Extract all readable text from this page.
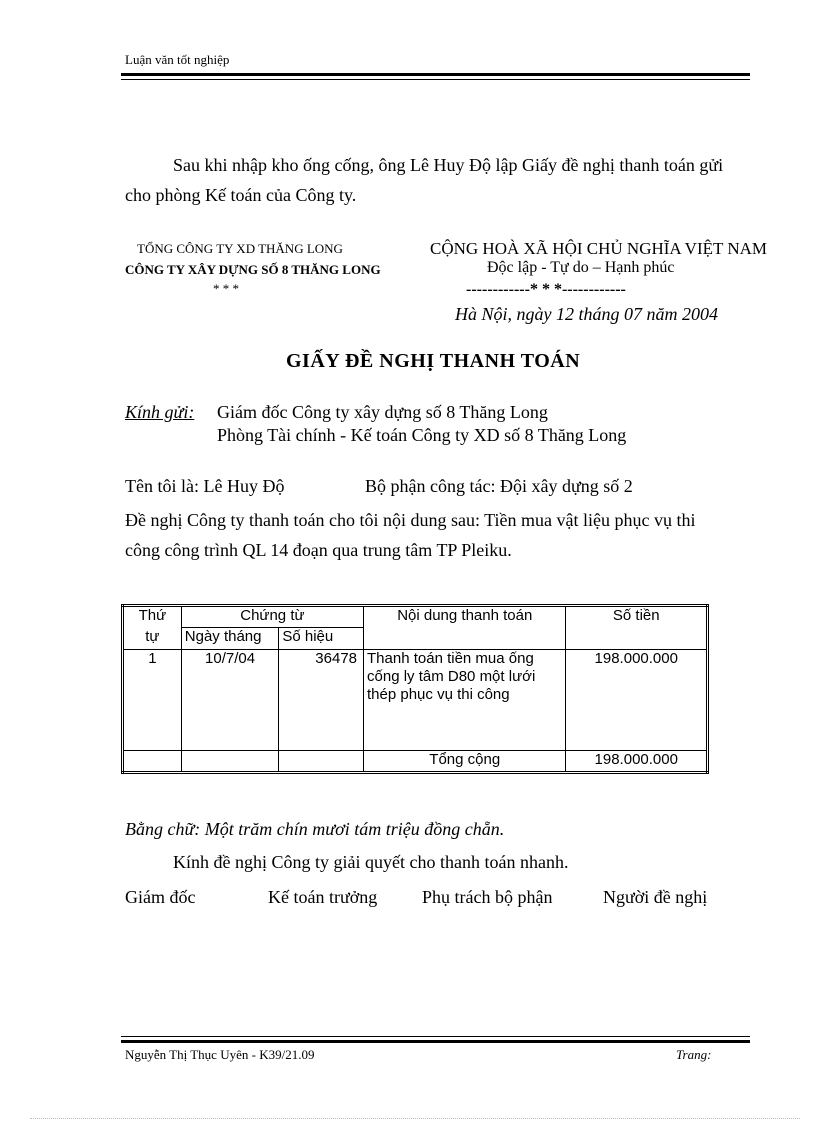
Luận văn tốt nghiệp
Sau khi nhập kho ống cống, ông Lê Huy Độ lập Giấy đề nghị thanh toán gửi
cho phòng Kế toán của Công ty.
TỔNG CÔNG TY XD THĂNG LONG
CÔNG TY XÂY DỰNG SỐ 8 THĂNG LONG
* * *
CỘNG HOÀ XÃ HỘI CHỦ NGHĨA VIỆT NAM
Độc lập - Tự do – Hạnh phúc
------------* * *------------
Hà Nội, ngày 12 tháng 07 năm 2004
GIẤY ĐỀ NGHỊ THANH TOÁN
Kính gửi: Giám đốc Công ty xây dựng số 8 Thăng Long
Phòng Tài chính - Kế toán Công ty XD số 8 Thăng Long
Tên tôi là: Lê Huy Độ	Bộ phận công tác: Đội xây dựng số 2
Đề nghị Công ty thanh toán cho tôi nội dung sau: Tiền mua vật liệu phục vụ thi
công công trình QL 14 đoạn qua trung tâm TP Pleiku.
Thứ	Chứng từ		Nội dung thanh toán	Số tiền
tự	Ngày tháng	Số hiệu		
1	10/7/04	36478	Thanh toán tiền mua ống
cống ly tâm D80 một lưới
thép phục vụ thi công	198.000.000
			Tổng cộng	198.000.000
Bằng chữ: Một trăm chín mươi tám triệu đồng chẵn.
Kính đề nghị Công ty giải quyết cho thanh toán nhanh.
Giám đốc	Kế toán trưởng Phụ trách bộ phận	Người đề nghị
Nguyễn Thị Thục Uyên - K39/21.09	Trang:
